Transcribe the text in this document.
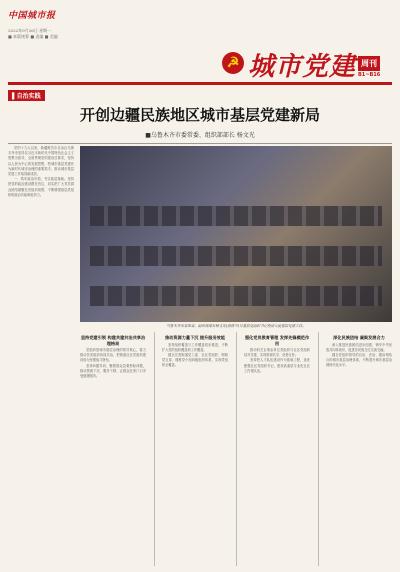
中国城市报
2022年9月26日 星期一
■ 本版统筹 ■ 责编 ■ 美编
☭ 城市党建 周刊
B1~B16
▌自治实践
开创边疆民族地区城市基层党建新局
■乌鲁木齐市委常委、组织部部长 杨文光

党的十九大以来，新疆维吾尔自治区乌鲁木齐市坚持以习近平新时代中国特色社会主义思想为指导，全面贯彻党的建设总要求，坚持以人民为中心的发展思想，把城市基层党建作为新时代城市治理的重要抓手，推动城市基层党建工作取得新成效。

一、筑牢政治引领，夯实基层基础。坚持把党的政治建设摆在首位，切实把广大党员群众团结凝聚在党组织周围，不断增强基层党组织的政治功能和组织力。

乌鲁木齐市委常委、组织部部长杨文光(前排中)与基层党组织书记座谈交流基层党建工作。
坚持党建引领 构建共建共治共享治理格局

党组织是城市基层治理的领导核心，着力推动各类组织协同共治，把街道社区党组织建设成为坚强战斗堡垒。

坚持问题导向，聚焦群众急难愁盼问题，推动资源下沉、服务下移，让群众在家门口享受便捷服务。

推动资源力量下沉 提升服务效能

坚持组织覆盖与工作覆盖同步推进，不断扩大党的组织覆盖和工作覆盖。

健全完善街道党工委、社区党组织、网格党支部、楼栋党小组四级组织体系，实现党组织全覆盖。

强化党员教育管理 发挥先锋模范作用

推动机关企事业单位党组织与社区党组织结对共建，实现资源共享、优势互补。

坚持把人才队伍建设作为基础工程，选优配强社区党组织书记，建设高素质专业化社区工作者队伍。

深化民族团结 凝聚发展合力

深入推进民族团结进步创建，铸牢中华民族共同体意识，促进各民族交往交流交融。

健全党组织领导的自治、法治、德治相结合的城市基层治理体系，不断提升城市基层治理现代化水平。
